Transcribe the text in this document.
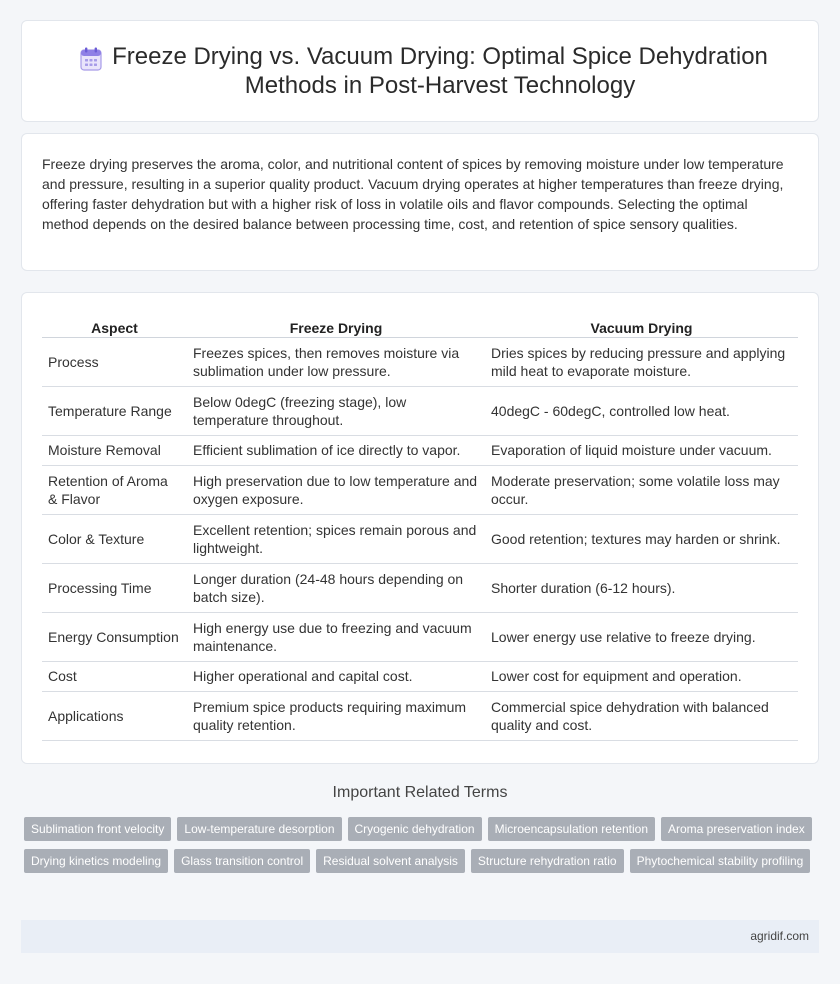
Freeze Drying vs. Vacuum Drying: Optimal Spice Dehydration Methods in Post-Harvest Technology

Freeze drying preserves the aroma, color, and nutritional content of spices by removing moisture under low temperature and pressure, resulting in a superior quality product. Vacuum drying operates at higher temperatures than freeze drying, offering faster dehydration but with a higher risk of loss in volatile oils and flavor compounds. Selecting the optimal method depends on the desired balance between processing time, cost, and retention of spice sensory qualities.

Aspect	Freeze Drying	Vacuum Drying
Process	Freezes spices, then removes moisture via sublimation under low pressure.	Dries spices by reducing pressure and applying mild heat to evaporate moisture.
Temperature Range	Below 0degC (freezing stage), low temperature throughout.	40degC - 60degC, controlled low heat.
Moisture Removal	Efficient sublimation of ice directly to vapor.	Evaporation of liquid moisture under vacuum.
Retention of Aroma & Flavor	High preservation due to low temperature and oxygen exposure.	Moderate preservation; some volatile loss may occur.
Color & Texture	Excellent retention; spices remain porous and lightweight.	Good retention; textures may harden or shrink.
Processing Time	Longer duration (24-48 hours depending on batch size).	Shorter duration (6-12 hours).
Energy Consumption	High energy use due to freezing and vacuum maintenance.	Lower energy use relative to freeze drying.
Cost	Higher operational and capital cost.	Lower cost for equipment and operation.
Applications	Premium spice products requiring maximum quality retention.	Commercial spice dehydration with balanced quality and cost.
Important Related Terms
Sublimation front velocity	Low-temperature desorption	Cryogenic dehydration	Microencapsulation retention	Aroma preservation index
Drying kinetics modeling	Glass transition control	Residual solvent analysis	Structure rehydration ratio	Phytochemical stability profiling
agridif.com
